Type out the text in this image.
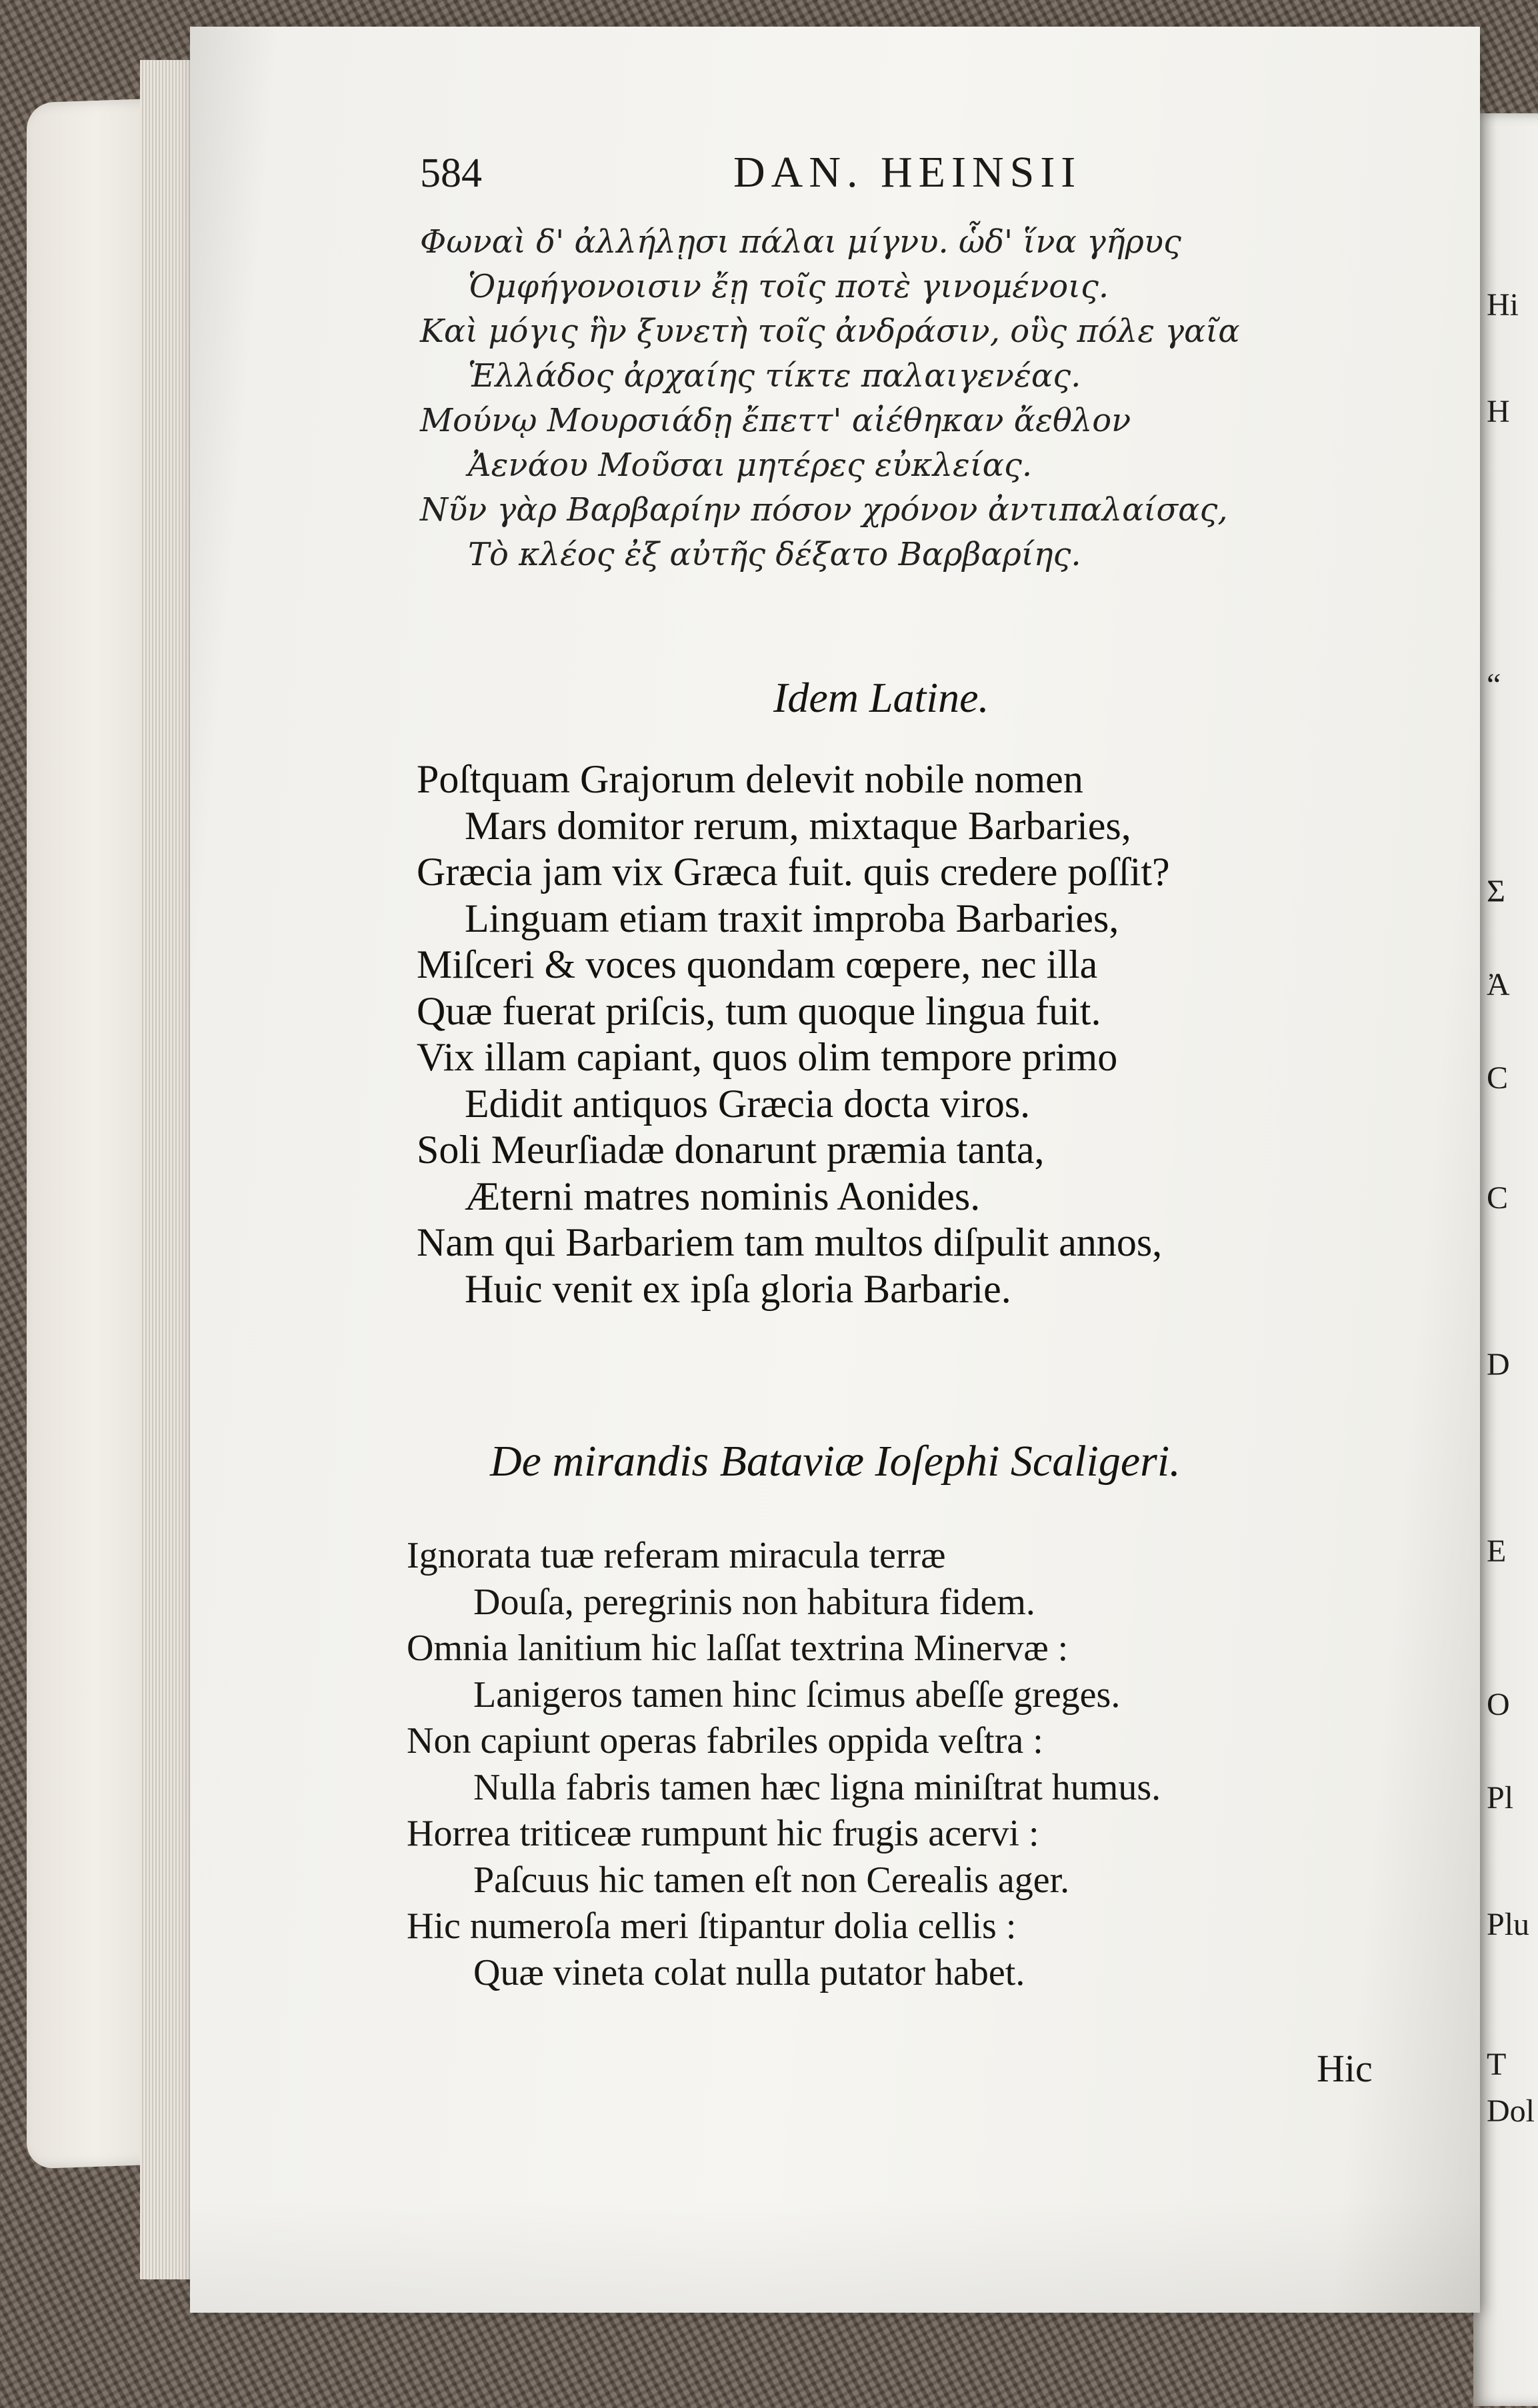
Hi
H
“
Σ
Ἀ
C
C
D
E
O
Pl
Plu
T
Dol
584	DAN. HEINSII
Φωναὶ δ' ἀλλήλῃσι πάλαι μίγνυ. ὧδ' ἵνα γῆρυς
Ὁμφήγονοισιν ἔῃ τοῖς ποτὲ γινομένοις.
Καὶ μόγις ἣν ξυνετὴ τοῖς ἀνδράσιν, οὓς πόλε γαῖα
Ἑλλάδος ἀρχαίης τίκτε παλαιγενέας.
Μούνῳ Μουρσιάδῃ ἔπεττ' αἰέθηκαν ἄεθλον
Ἀενάου Μοῦσαι μητέρες εὐκλείας.
Νῦν γὰρ Βαρβαρίην πόσον χρόνον ἀντιπαλαίσας,
Τὸ κλέος ἐξ αὐτῆς δέξατο Βαρβαρίης.
Idem Latine.
Poſtquam Grajorum delevit nobile nomen
Mars domitor rerum, mixtaque Barbaries,
Græcia jam vix Græca fuit. quis credere poſſit?
Linguam etiam traxit improba Barbaries,
Miſceri & voces quondam cœpere, nec illa
Quæ fuerat priſcis, tum quoque lingua fuit.
Vix illam capiant, quos olim tempore primo
Edidit antiquos Græcia docta viros.
Soli Meurſiadæ donarunt præmia tanta,
Æterni matres nominis Aonides.
Nam qui Barbariem tam multos diſpulit annos,
Huic venit ex ipſa gloria Barbarie.
De mirandis Bataviæ Ioſephi Scaligeri.
Ignorata tuæ referam miracula terræ
Douſa, peregrinis non habitura fidem.
Omnia lanitium hic laſſat textrina Minervæ :
Lanigeros tamen hinc ſcimus abeſſe greges.
Non capiunt operas fabriles oppida veſtra :
Nulla fabris tamen hæc ligna miniſtrat humus.
Horrea triticeæ rumpunt hic frugis acervi :
Paſcuus hic tamen eſt non Cerealis ager.
Hic numeroſa meri ſtipantur dolia cellis :
Quæ vineta colat nulla putator habet.
Hic
